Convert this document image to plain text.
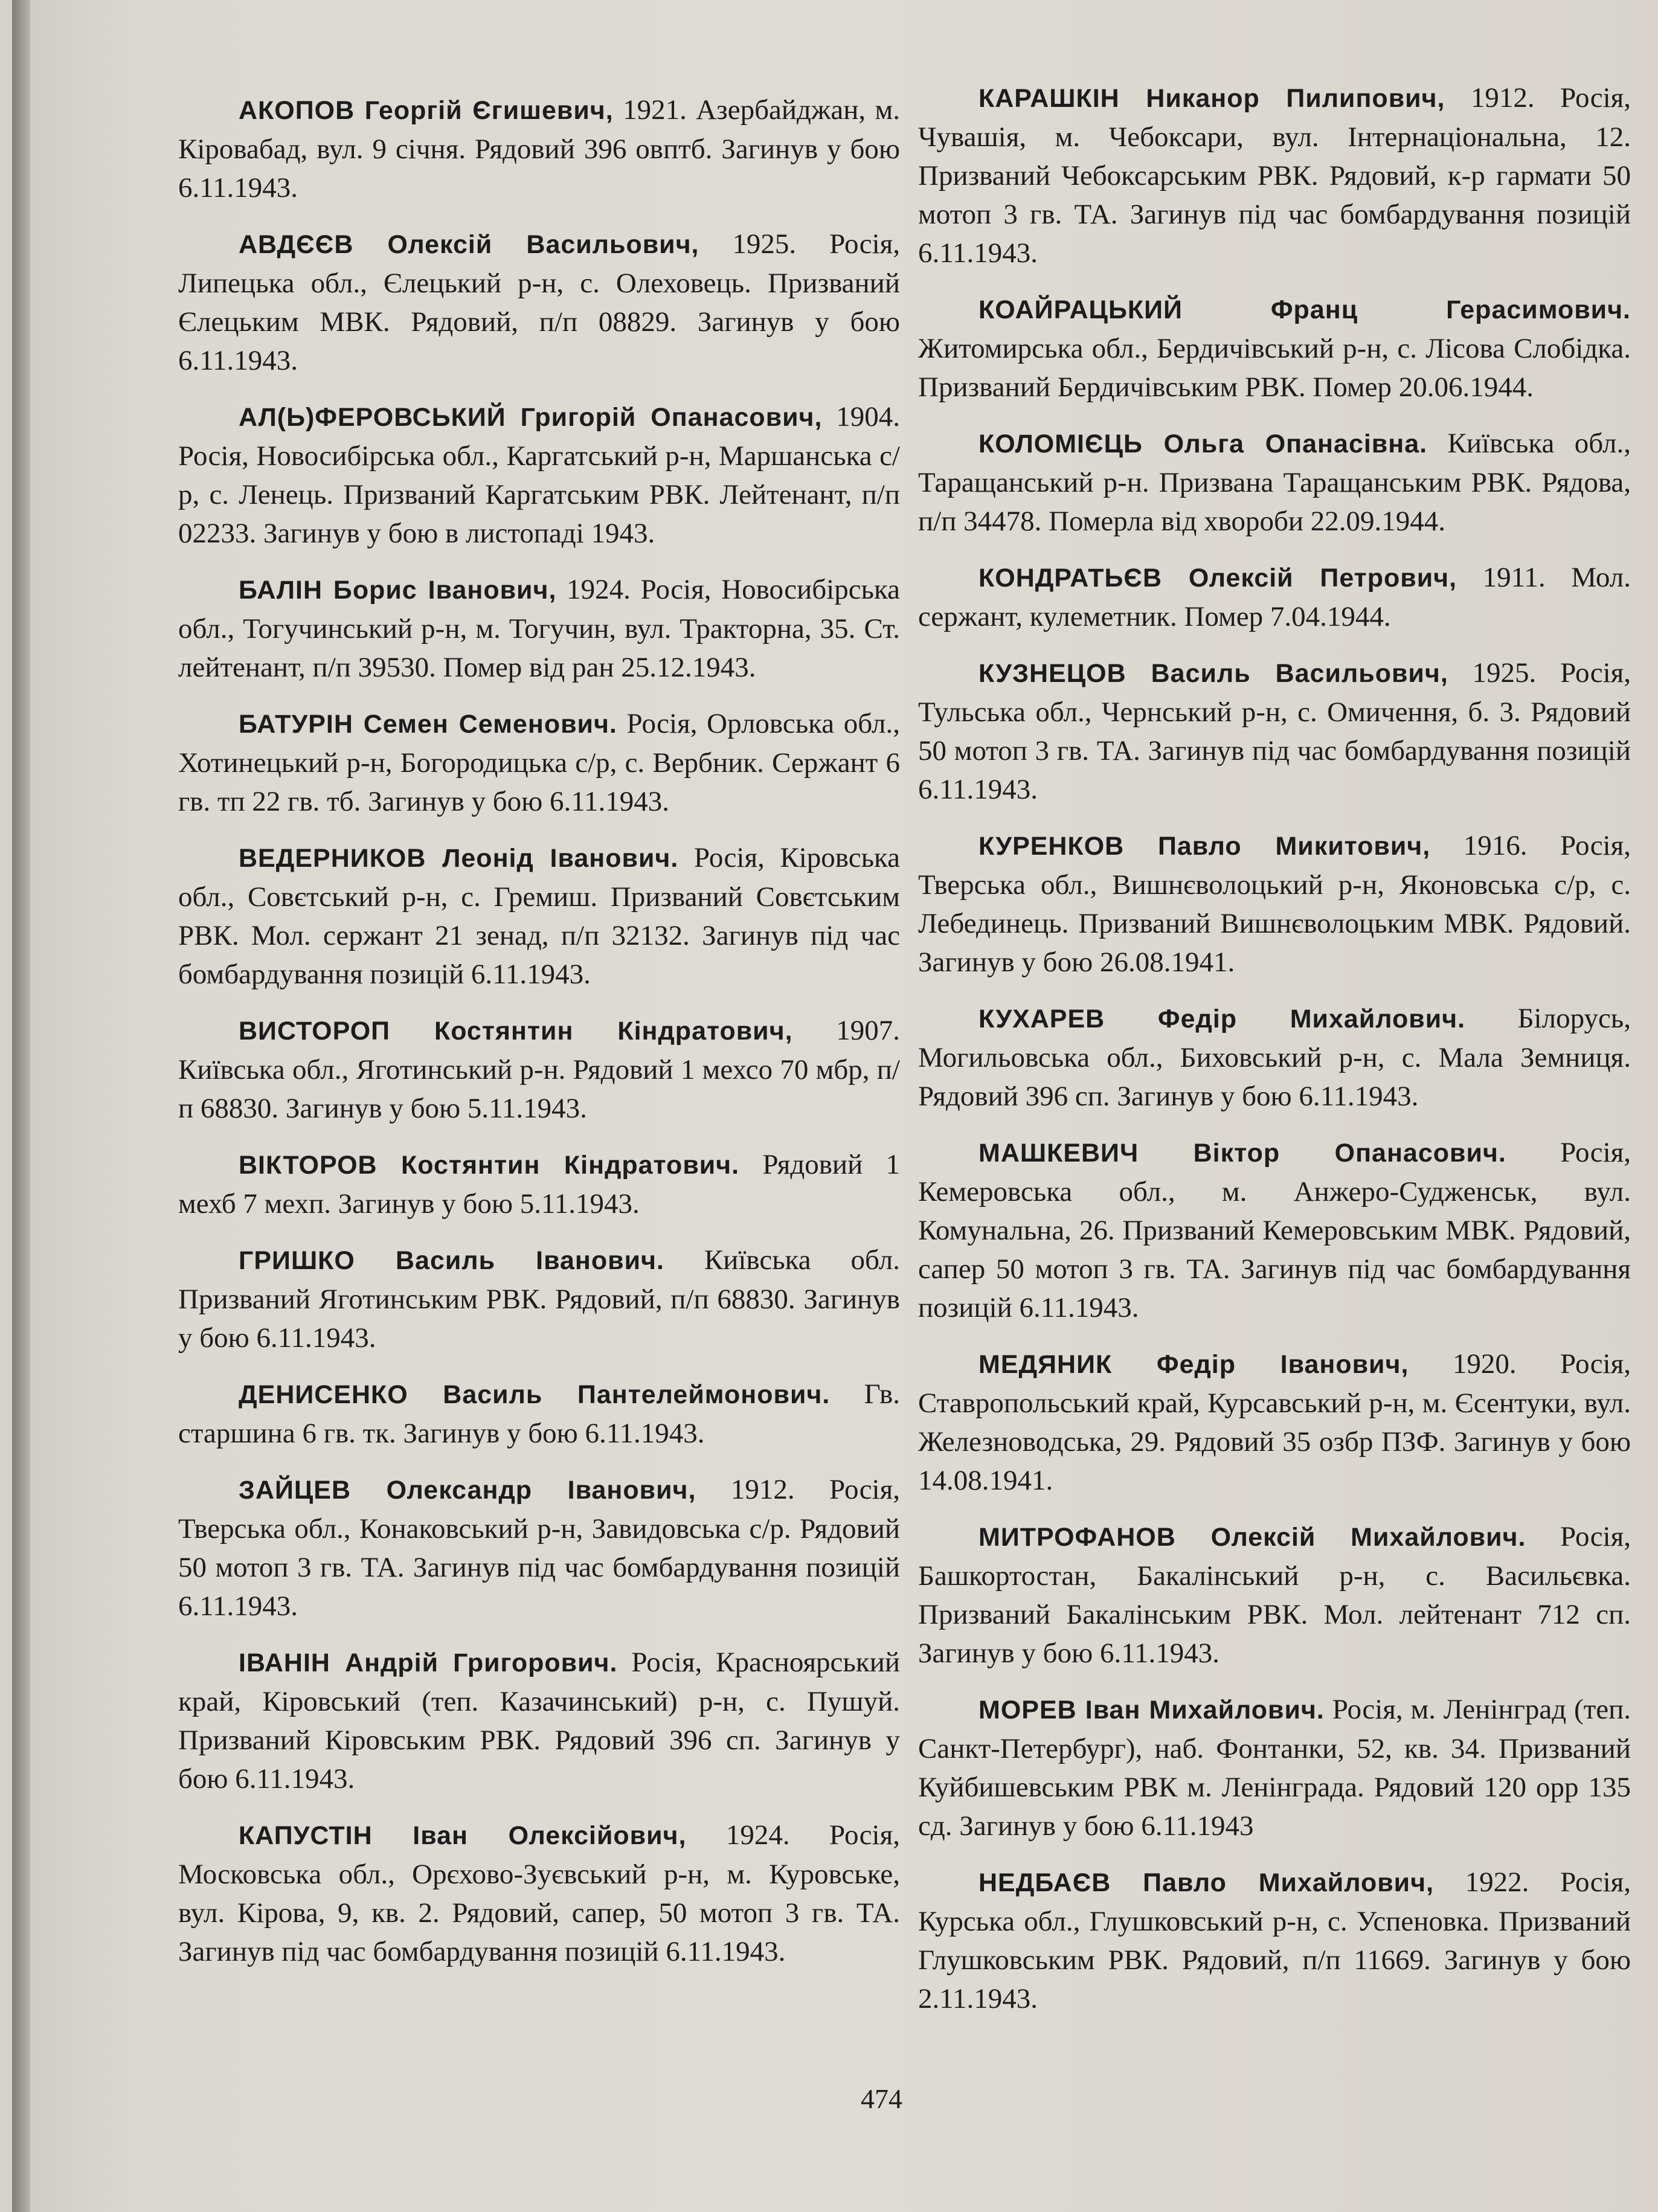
АКОПОВ Георгій Єгишевич, 1921. Азербайджан, м. Кіровабад, вул. 9 січня. Рядовий 396 овптб. Загинув у бою 6.11.1943.

АВДЄЄВ Олексій Васильович, 1925. Росія, Липецька обл., Єлецький р-н, с. Олеховець. Призваний Єлецьким МВК. Рядовий, п/п 08829. Загинув у бою 6.11.1943.

АЛ(Ь)ФЕРОВСЬКИЙ Григорій Опанасович, 1904. Росія, Новосибірська обл., Каргатський р-н, Маршанська с/р, с. Ленець. Призваний Каргатським РВК. Лейтенант, п/п 02233. Загинув у бою в листопаді 1943.

БАЛІН Борис Іванович, 1924. Росія, Новосибірська обл., Тогучинський р-н, м. Тогучин, вул. Тракторна, 35. Ст. лейтенант, п/п 39530. Помер від ран 25.12.1943.

БАТУРІН Семен Семенович. Росія, Орловська обл., Хотинецький р-н, Богородицька с/р, с. Вербник. Сержант 6 гв. тп 22 гв. тб. Загинув у бою 6.11.1943.

ВЕДЕРНИКОВ Леонід Іванович. Росія, Кіровська обл., Совєтський р-н, с. Гремиш. Призваний Совєтським РВК. Мол. сержант 21 зенад, п/п 32132. Загинув під час бомбардування позицій 6.11.1943.

ВИСТОРОП Костянтин Кіндратович, 1907. Київська обл., Яготинський р-н. Рядовий 1 мехсо 70 мбр, п/п 68830. Загинув у бою 5.11.1943.

ВІКТОРОВ Костянтин Кіндратович. Рядовий 1 мехб 7 мехп. Загинув у бою 5.11.1943.

ГРИШКО Василь Іванович. Київська обл. Призваний Яготинським РВК. Рядовий, п/п 68830. Загинув у бою 6.11.1943.

ДЕНИСЕНКО Василь Пантелеймонович. Гв. старшина 6 гв. тк. Загинув у бою 6.11.1943.

ЗАЙЦЕВ Олександр Іванович, 1912. Росія, Тверська обл., Конаковський р-н, Завидовська с/р. Рядовий 50 мотоп 3 гв. ТА. Загинув під час бомбардування позицій 6.11.1943.

ІВАНІН Андрій Григорович. Росія, Красноярський край, Кіровський (теп. Казачинський) р-н, с. Пушуй. Призваний Кіровським РВК. Рядовий 396 сп. Загинув у бою 6.11.1943.

КАПУСТІН Іван Олексійович, 1924. Росія, Московська обл., Орєхово-Зуєвський р-н, м. Куровське, вул. Кірова, 9, кв. 2. Рядовий, сапер, 50 мотоп 3 гв. ТА. Загинув під час бомбардування позицій 6.11.1943.

КАРАШКІН Никанор Пилипович, 1912. Росія, Чувашія, м. Чебоксари, вул. Інтернаціональна, 12. Призваний Чебоксарським РВК. Рядовий, к-р гармати 50 мотоп 3 гв. ТА. Загинув під час бомбардування позицій 6.11.1943.

КОАЙРАЦЬКИЙ Франц Герасимович. Житомирська обл., Бердичівський р-н, с. Лісова Слобідка. Призваний Бердичівським РВК. Помер 20.06.1944.

КОЛОМІЄЦЬ Ольга Опанасівна. Київська обл., Таращанський р-н. Призвана Таращанським РВК. Рядова, п/п 34478. Померла від хвороби 22.09.1944.

КОНДРАТЬЄВ Олексій Петрович, 1911. Мол. сержант, кулеметник. Помер 7.04.1944.

КУЗНЕЦОВ Василь Васильович, 1925. Росія, Тульська обл., Чернський р-н, с. Омичення, б. 3. Рядовий 50 мотоп 3 гв. ТА. Загинув під час бомбардування позицій 6.11.1943.

КУРЕНКОВ Павло Микитович, 1916. Росія, Тверська обл., Вишнєволоцький р-н, Яконовська с/р, с. Лебединець. Призваний Вишнєволоцьким МВК. Рядовий. Загинув у бою 26.08.1941.

КУХАРЕВ Федір Михайлович. Білорусь, Могильовська обл., Биховський р-н, с. Мала Земниця. Рядовий 396 сп. Загинув у бою 6.11.1943.

МАШКЕВИЧ Віктор Опанасович. Росія, Кемеровська обл., м. Анжеро-Судженськ, вул. Комунальна, 26. Призваний Кемеровським МВК. Рядовий, сапер 50 мотоп 3 гв. ТА. Загинув під час бомбардування позицій 6.11.1943.

МЕДЯНИК Федір Іванович, 1920. Росія, Ставропольський край, Курсавський р-н, м. Єсентуки, вул. Железноводська, 29. Рядовий 35 озбр ПЗФ. Загинув у бою 14.08.1941.

МИТРОФАНОВ Олексій Михайлович. Росія, Башкортостан, Бакалінський р-н, с. Васильєвка. Призваний Бакалінським РВК. Мол. лейтенант 712 сп. Загинув у бою 6.11.1943.

МОРЕВ Іван Михайлович. Росія, м. Ленінград (теп. Санкт-Петербург), наб. Фонтанки, 52, кв. 34. Призваний Куйбишевським РВК м. Ленінграда. Рядовий 120 орр 135 сд. Загинув у бою 6.11.1943

НЕДБАЄВ Павло Михайлович, 1922. Росія, Курська обл., Глушковський р-н, с. Успеновка. Призваний Глушковським РВК. Рядовий, п/п 11669. Загинув у бою 2.11.1943.

474
